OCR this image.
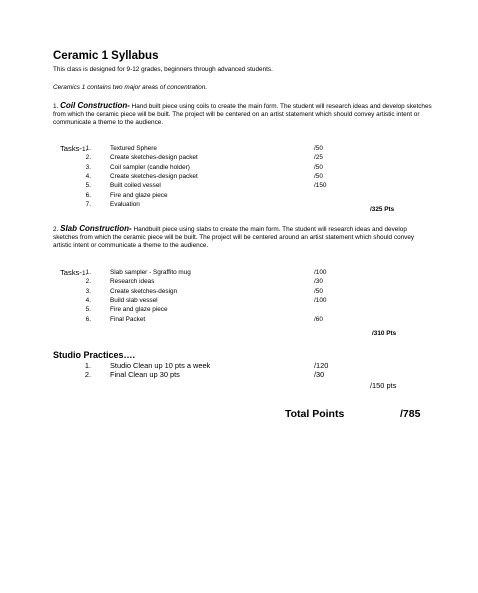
Ceramic 1 Syllabus
This class is designed for 9-12 grades, beginners through advanced students.
Ceramics 1 contains two major areas of concentration.
1. Coil Construction- Hand built piece using coils to create the main form. The student will research ideas and develop sketches from which the ceramic piece will be built. The project will be centered on an artist statement which should convey artistic intent or communicate a theme to the audience.
Tasks-1.
1.	Textured Sphere	/50
2.	Create sketches-design packet	/25
3.	Coil sampler (candle holder)	/50
4.	Create sketches-design packet	/50
5.	Built coiled vessel	/150
6.	Fire and glaze piece
7.	Evaluation
/325 Pts
2. Slab Construction- Handbuilt piece using slabs to create the main form. The student will research ideas and develop sketches from which the ceramic piece will be built. The project will be centered around an artist statement which should convey artistic intent or communicate a theme to the audience.
Tasks-1.
1.	Slab sampler - Sgraffito mug	/100
2.	Research ideas	/30
3.	Create sketches-design	/50
4.	Build slab vessel	/100
5.	Fire and glaze piece
6.	Final Packet	/60
/310 Pts
Studio Practices….
1.	Studio Clean up 10 pts a week	/120
2.	Final Clean up 30 pts	/30
/150 pts
Total Points	/785
